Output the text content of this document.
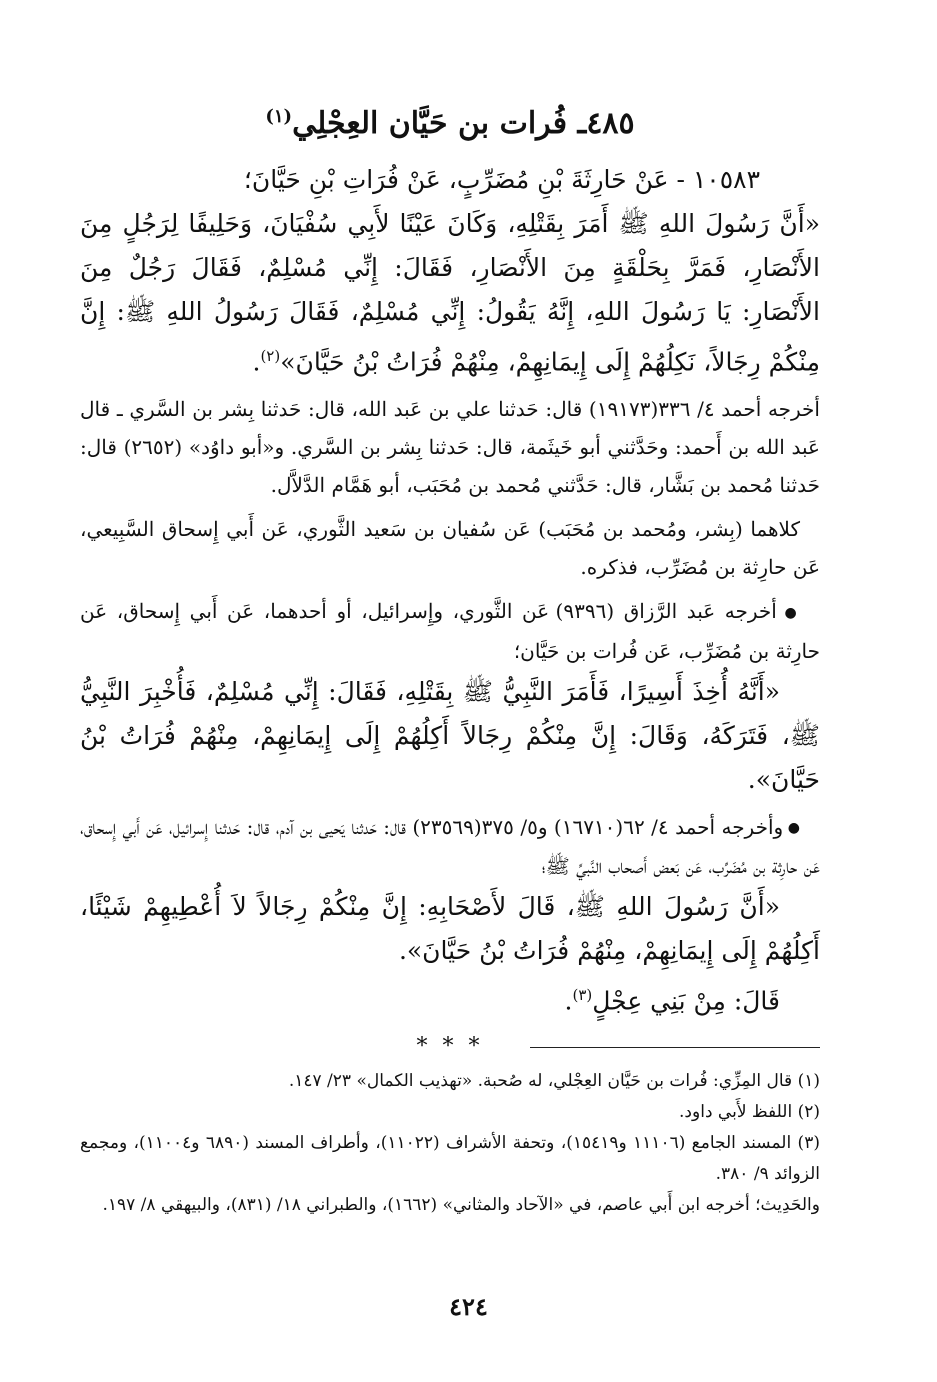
٤٨٥ـ فُرات بن حَيَّان العِجْلِي$^{(١)}$

١٠٥٨٣ - عَنْ حَارِثَةَ بْنِ مُضَرِّبٍ، عَنْ فُرَاتِ بْنِ حَيَّانَ؛

«أَنَّ رَسُولَ اللهِ ﷺ أَمَرَ بِقَتْلِهِ، وَكَانَ عَيْنًا لأَبِي سُفْيَانَ، وَحَلِيفًا لِرَجُلٍ مِنَ الأَنْصَارِ، فَمَرَّ بِحَلْقَةٍ مِنَ الأَنْصَارِ، فَقَالَ: إِنِّي مُسْلِمٌ، فَقَالَ رَجُلٌ مِنَ الأَنْصَارِ: يَا رَسُولَ اللهِ، إِنَّهُ يَقُولُ: إِنِّي مُسْلِمٌ، فَقَالَ رَسُولُ اللهِ ﷺ: إِنَّ مِنْكُمْ رِجَالاً، نَكِلُهُمْ إِلَى إِيمَانِهِمْ، مِنْهُمْ فُرَاتُ بْنُ حَيَّانَ»$^{(٢)}$.

أخرجه أحمد ٤/ ٣٣٦(١٩١٧٣) قال: حَدثنا علي بن عَبد الله، قال: حَدثنا بِشر بن السَّري ـ قال عَبد الله بن أَحمد: وحَدَّثني أبو خَيثَمة، قال: حَدثنا بِشر بن السَّري. و«أبو داوُد» (٢٦٥٢) قال: حَدثنا مُحمد بن بَشَّار، قال: حَدَّثني مُحمد بن مُحَبَب، أبو هَمَّام الدَّلاَّل.

كلاهما (بِشر، ومُحمد بن مُحَبَب) عَن سُفيان بن سَعيد الثَّوري، عَن أَبي إِسحاق السَّبِيعي، عَن حارِثة بن مُضَرِّب، فذكره.

● أخرجه عَبد الرَّزاق (٩٣٩٦) عَن الثَّوري، وإِسرائيل، أو أحدهما، عَن أَبي إِسحاق، عَن حارِثة بن مُضَرِّب، عَن فُرات بن حَيَّان؛

«أَنَّهُ أُخِذَ أَسِيرًا، فَأَمَرَ النَّبِيُّ ﷺ بِقَتْلِهِ، فَقَالَ: إِنِّي مُسْلِمٌ، فَأُخْبِرَ النَّبِيُّ ﷺ، فَتَرَكَهُ، وَقَالَ: إِنَّ مِنْكُمْ رِجَالاً أَكِلُهُمْ إِلَى إِيمَانِهِمْ، مِنْهُمْ فُرَاتُ بْنُ حَيَّانَ».

● وأخرجه أحمد ٤/ ٦٢(١٦٧١٠) و٥/ ٣٧٥(٢٣٥٦٩) قال: حَدثنا يَحيى بن آدم، قال: حَدثنا إِسرائيل، عَن أَبي إِسحاق، عَن حارِثة بن مُضَرِّب، عَن بَعض أَصحاب النَّبيِّ ﷺ؛

«أَنَّ رَسُولَ اللهِ ﷺ، قَالَ لأَصْحَابِهِ: إِنَّ مِنْكُمْ رِجَالاً لاَ أُعْطِيهِمْ شَيْئًا، أَكِلُهُمْ إِلَى إِيمَانِهِمْ، مِنْهُمْ فُرَاتُ بْنُ حَيَّانَ».

قَالَ: مِنْ بَنِي عِجْلٍ$^{(٣)}$.

* * *

(١) قال المِزِّي: فُرات بن حَيَّان العِجْلي، له صُحبة. «تهذيب الكمال» ٢٣/ ١٤٧.

(٢) اللفظ لأَبي داود.

(٣) المسند الجامع (١١١٠٦ و١٥٤١٩)، وتحفة الأشراف (١١٠٢٢)، وأطراف المسند (٦٨٩٠ و١١٠٠٤)، ومجمع الزوائد ٩/ ٣٨٠.

والحَدِيث؛ أخرجه ابن أَبي عاصم، في «الآحاد والمثاني» (١٦٦٢)، والطبراني ١٨/ (٨٣١)، والبيهقي ٨/ ١٩٧.

٤٢٤
